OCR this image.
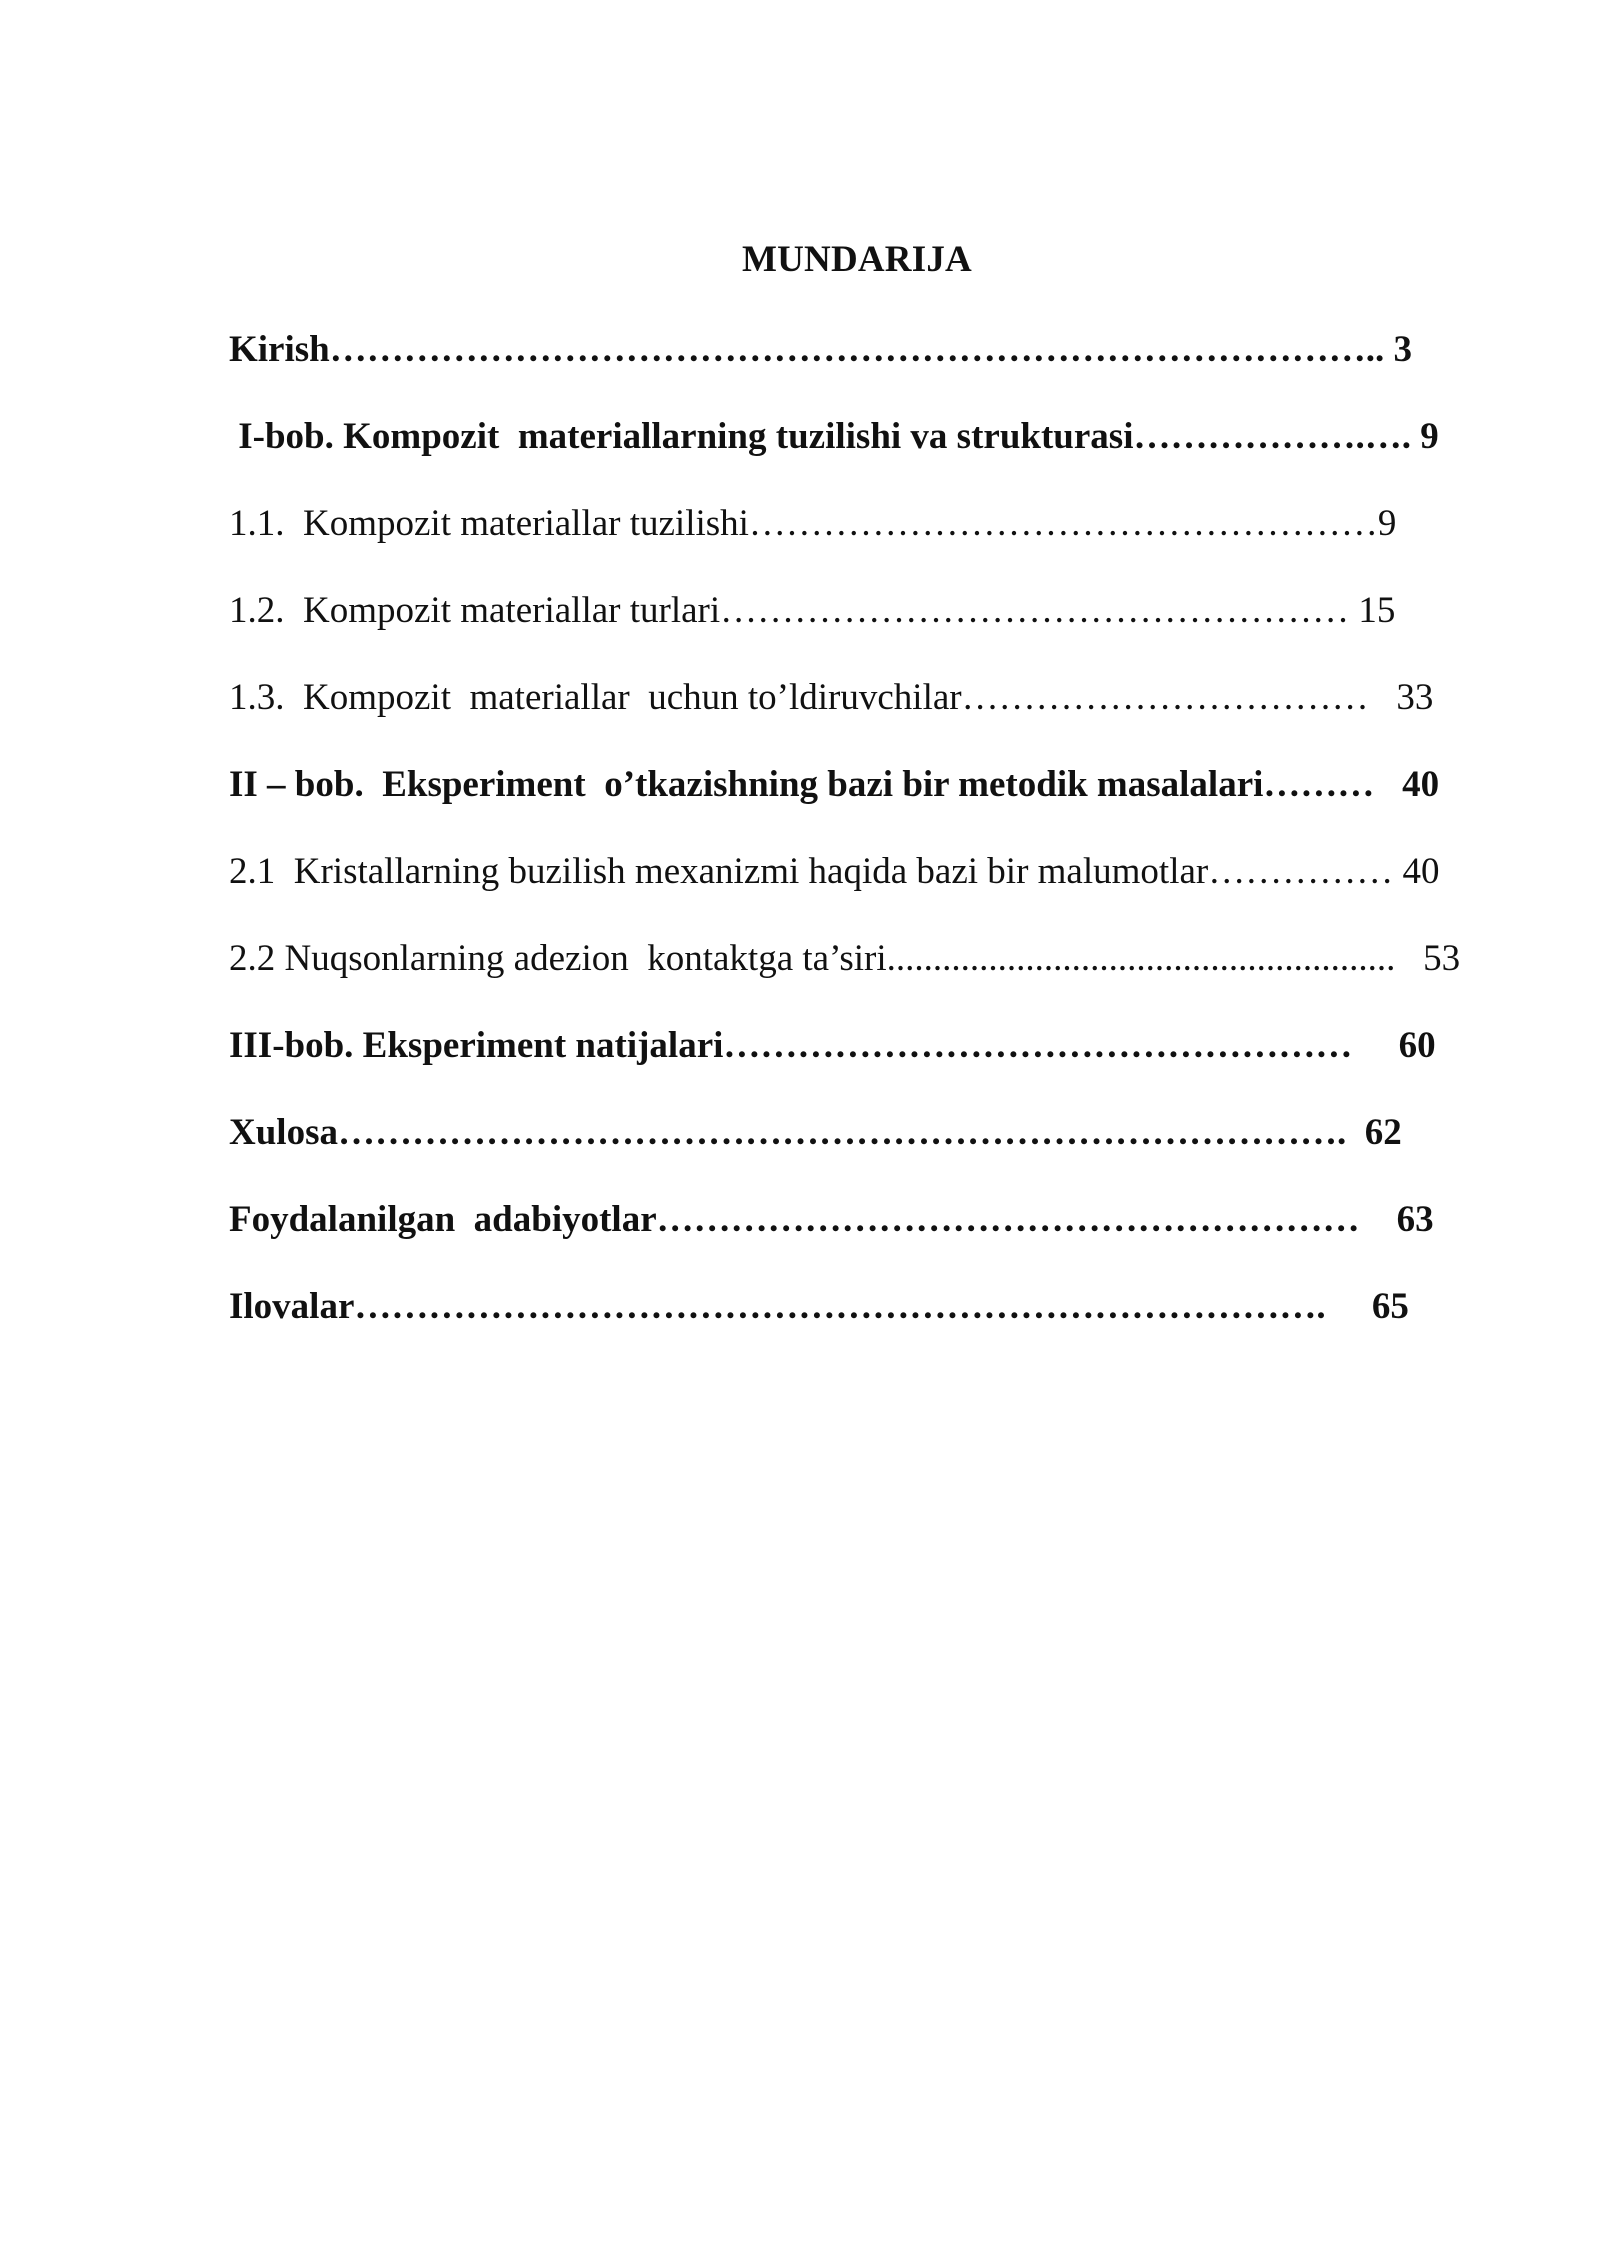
MUNDARIJA
Kirish………………………………………………………………………….. 3
I-bob. Kompozit  materiallarning tuzilishi va strukturasi……………….…. 9
1.1.  Kompozit materiallar tuzilishi……………………………………………9
1.2.  Kompozit materiallar turlari…………………………………………… 15
1.3.  Kompozit  materiallar  uchun to’ldiruvchilar……………………………   33
II – bob.  Eksperiment  o’tkazishning bazi bir metodik masalalari………   40
2.1  Kristallarning buzilish mexanizmi haqida bazi bir malumotlar…………… 40
2.2 Nuqsonlarning adezion  kontaktga ta’siri.......................................................   53
III-bob. Eksperiment natijalari……………………………………………     60
Xulosa……………………………………………………………………….  62
Foydalanilgan  adabiyotlar…………………………………………………    63
Ilovalar…………………………………………………………………….     65
